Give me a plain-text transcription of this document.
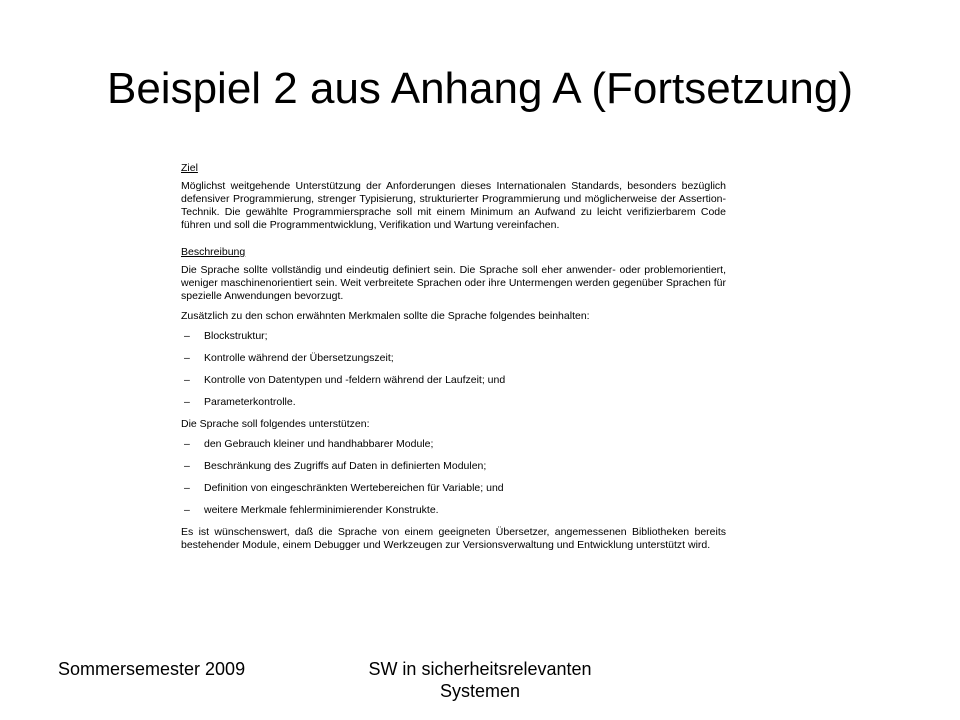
Beispiel 2 aus Anhang A (Fortsetzung)
Ziel

Möglichst weitgehende Unterstützung der Anforderungen dieses Internationalen Standards, besonders bezüglich defensiver Programmierung, strenger Typisierung, strukturierter Programmierung und möglicherweise der Assertion-Technik. Die gewählte Programmiersprache soll mit einem Minimum an Aufwand zu leicht verifizierbarem Code führen und soll die Programmentwicklung, Verifikation und Wartung vereinfachen.

Beschreibung

Die Sprache sollte vollständig und eindeutig definiert sein. Die Sprache soll eher anwender- oder problemorientiert, weniger maschinenorientiert sein. Weit verbreitete Sprachen oder ihre Untermengen werden gegenüber Sprachen für spezielle Anwendungen bevorzugt.

Zusätzlich zu den schon erwähnten Merkmalen sollte die Sprache folgendes beinhalten:

–	Blockstruktur;
–	Kontrolle während der Übersetzungszeit;
–	Kontrolle von Datentypen und -feldern während der Laufzeit; und
–	Parameterkontrolle.

Die Sprache soll folgendes unterstützen:

–	den Gebrauch kleiner und handhabbarer Module;
–	Beschränkung des Zugriffs auf Daten in definierten Modulen;
–	Definition von eingeschränkten Wertebereichen für Variable; und
–	weitere Merkmale fehlerminimierender Konstrukte.

Es ist wünschenswert, daß die Sprache von einem geeigneten Übersetzer, angemessenen Bibliotheken bereits bestehender Module, einem Debugger und Werkzeugen zur Versionsverwaltung und Entwicklung unterstützt wird.

Sommersemester 2009	SW in sicherheitsrelevanten
Systemen
